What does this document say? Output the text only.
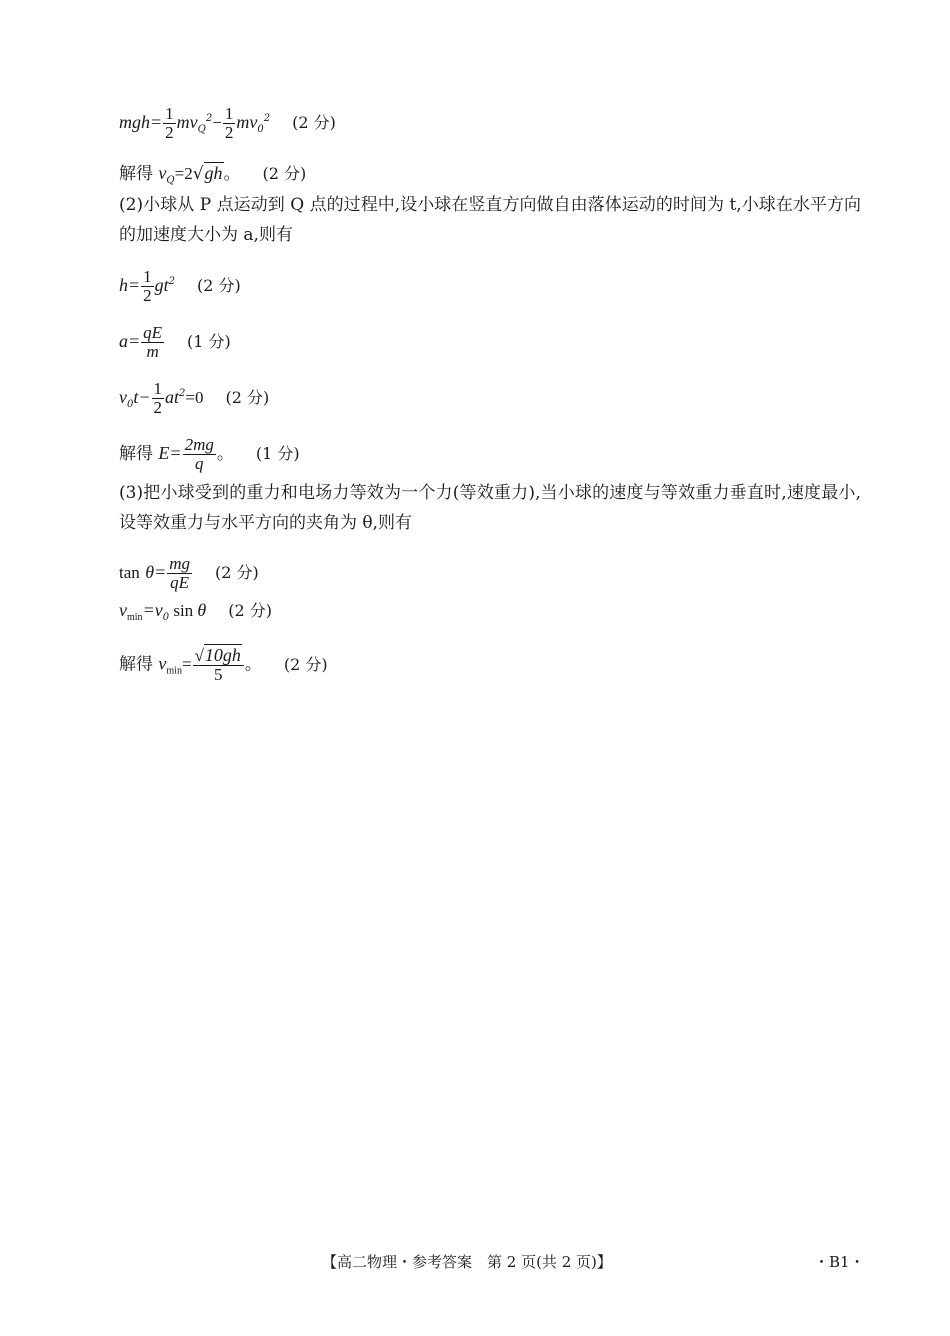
$mgh= \frac{1}{2} mv_Q^2- \frac{1}{2} mv_0^2$ (2 分)
解得 $v_Q=2√gh$。 (2 分)
(2)小球从 P 点运动到 Q 点的过程中,设小球在竖直方向做自由落体运动的时间为 t,小球在水平方向的加速度大小为 a,则有
$h= \frac{1}{2} gt^2$ (2 分)
$a= \frac{qE}{m} (1$ 分)
$v_0t- \frac{1}{2} at^2=0$ (2 分)
解得 $E= \frac{2mg}{q}$ 。 (1 分)
(3)把小球受到的重力和电场力等效为一个力(等效重力),当小球的速度与等效重力垂直时,速度最小,设等效重力与水平方向的夹角为 θ,则有
$\tan \theta= \frac{mg}{qE} (2$ 分)
$v_{min}=v_0$ sin θ (2 分)
解得 $v_{min}= \frac{√10gh}{5}$ 。 (2 分)
【高二物理・参考答案　第 2 页(共 2 页)】	・B1・
